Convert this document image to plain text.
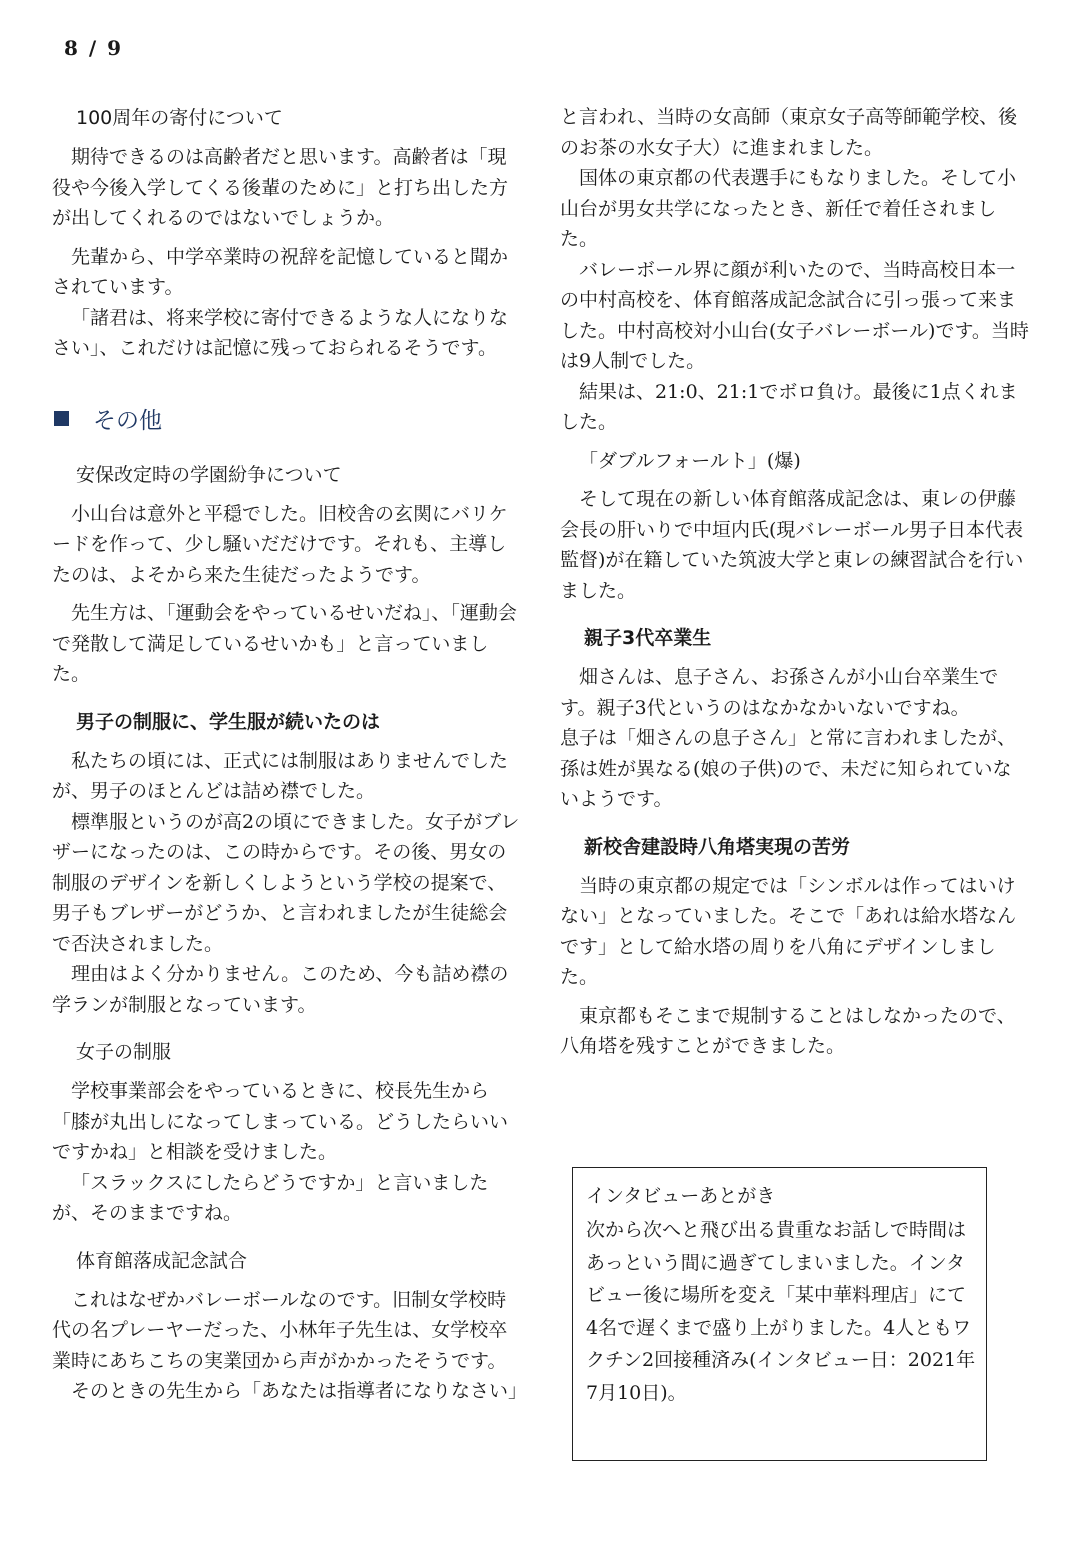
8 / 9
100周年の寄付について

期待できるのは高齢者だと思います。高齢者は「現役や今後入学してくる後輩のために」と打ち出した方が出してくれるのではないでしょうか。

先輩から、中学卒業時の祝辞を記憶していると聞かされています。

「諸君は、将来学校に寄付できるような人になりなさい」、これだけは記憶に残っておられるそうです。

その他
安保改定時の学園紛争について

小山台は意外と平穏でした。旧校舎の玄関にバリケードを作って、少し騒いだだけです。それも、主導したのは、よそから来た生徒だったようです。

先生方は、「運動会をやっているせいだね」、「運動会で発散して満足しているせいかも」と言っていました。

男子の制服に、学生服が続いたのは

私たちの頃には、正式には制服はありませんでしたが、男子のほとんどは詰め襟でした。

標準服というのが高2の頃にできました。女子がブレザーになったのは、この時からです。その後、男女の制服のデザインを新しくしようという学校の提案で、男子もブレザーがどうか、と言われましたが生徒総会で否決されました。

理由はよく分かりません。このため、今も詰め襟の学ランが制服となっています。

女子の制服

学校事業部会をやっているときに、校長先生から「膝が丸出しになってしまっている。どうしたらいいですかね」と相談を受けました。

「スラックスにしたらどうですか」と言いましたが、そのままですね。

体育館落成記念試合

これはなぜかバレーボールなのです。旧制女学校時代の名プレーヤーだった、小林年子先生は、女学校卒業時にあちこちの実業団から声がかかったそうです。

そのときの先生から「あなたは指導者になりなさい」

と言われ、当時の女高師（東京女子高等師範学校、後のお茶の水女子大）に進まれました。

国体の東京都の代表選手にもなりました。そして小山台が男女共学になったとき、新任で着任されました。

バレーボール界に顔が利いたので、当時高校日本一の中村高校を、体育館落成記念試合に引っ張って来ました。中村高校対小山台(女子バレーボール)です。当時は9人制でした。

結果は、21:0、21:1でボロ負け。最後に1点くれました。

「ダブルフォールト」(爆)

そして現在の新しい体育館落成記念は、東レの伊藤会長の肝いりで中垣内氏(現バレーボール男子日本代表監督)が在籍していた筑波大学と東レの練習試合を行いました。

親子3代卒業生

畑さんは、息子さん、お孫さんが小山台卒業生です。親子3代というのはなかなかいないですね。

息子は「畑さんの息子さん」と常に言われましたが、孫は姓が異なる(娘の子供)ので、未だに知られていないようです。

新校舎建設時八角塔実現の苦労

当時の東京都の規定では「シンボルは作ってはいけない」となっていました。そこで「あれは給水塔なんです」として給水塔の周りを八角にデザインしました。

東京都もそこまで規制することはしなかったので、八角塔を残すことができました。

インタビューあとがき

次から次へと飛び出る貴重なお話しで時間はあっという間に過ぎてしまいました。インタビュー後に場所を変え「某中華料理店」にて4名で遅くまで盛り上がりました。4人ともワクチン2回接種済み(インタビュー日：2021年7月10日)。
